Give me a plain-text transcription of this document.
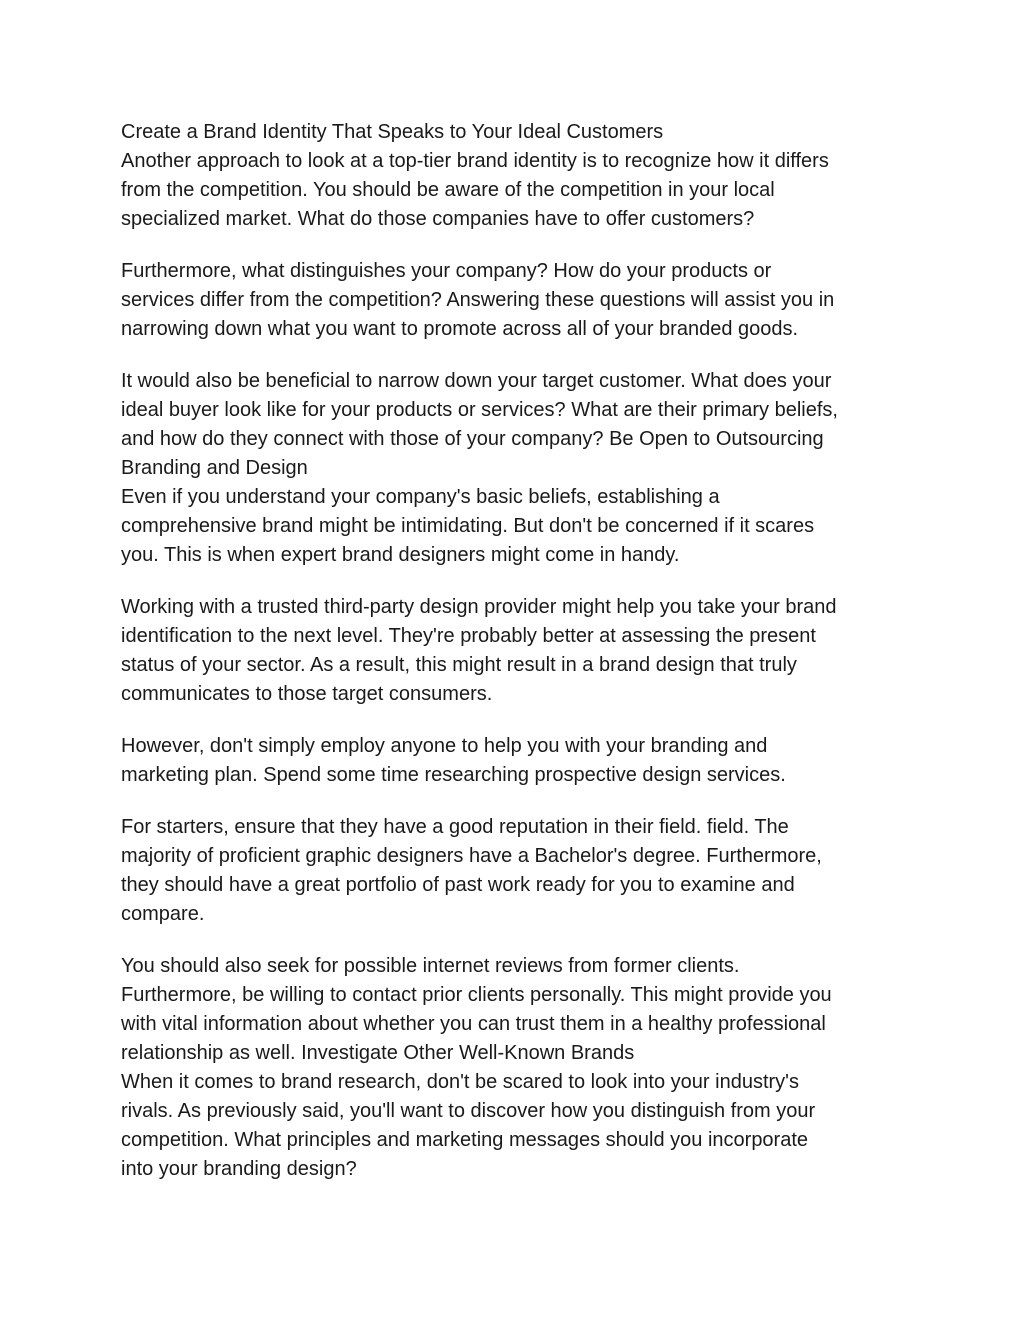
Create a Brand Identity That Speaks to Your Ideal Customers
Another approach to look at a top-tier brand identity is to recognize how it differs
from the competition. You should be aware of the competition in your local
specialized market. What do those companies have to offer customers?
Furthermore, what distinguishes your company? How do your products or
services differ from the competition? Answering these questions will assist you in
narrowing down what you want to promote across all of your branded goods.
It would also be beneficial to narrow down your target customer. What does your
ideal buyer look like for your products or services? What are their primary beliefs,
and how do they connect with those of your company? Be Open to Outsourcing
Branding and Design
Even if you understand your company's basic beliefs, establishing a
comprehensive brand might be intimidating. But don't be concerned if it scares
you. This is when expert brand designers might come in handy.
Working with a trusted third-party design provider might help you take your brand
identification to the next level. They're probably better at assessing the present
status of your sector. As a result, this might result in a brand design that truly
communicates to those target consumers.
However, don't simply employ anyone to help you with your branding and
marketing plan. Spend some time researching prospective design services.
For starters, ensure that they have a good reputation in their field. field. The
majority of proficient graphic designers have a Bachelor's degree. Furthermore,
they should have a great portfolio of past work ready for you to examine and
compare.
You should also seek for possible internet reviews from former clients.
Furthermore, be willing to contact prior clients personally. This might provide you
with vital information about whether you can trust them in a healthy professional
relationship as well. Investigate Other Well-Known Brands
When it comes to brand research, don't be scared to look into your industry's
rivals. As previously said, you'll want to discover how you distinguish from your
competition. What principles and marketing messages should you incorporate
into your branding design?
